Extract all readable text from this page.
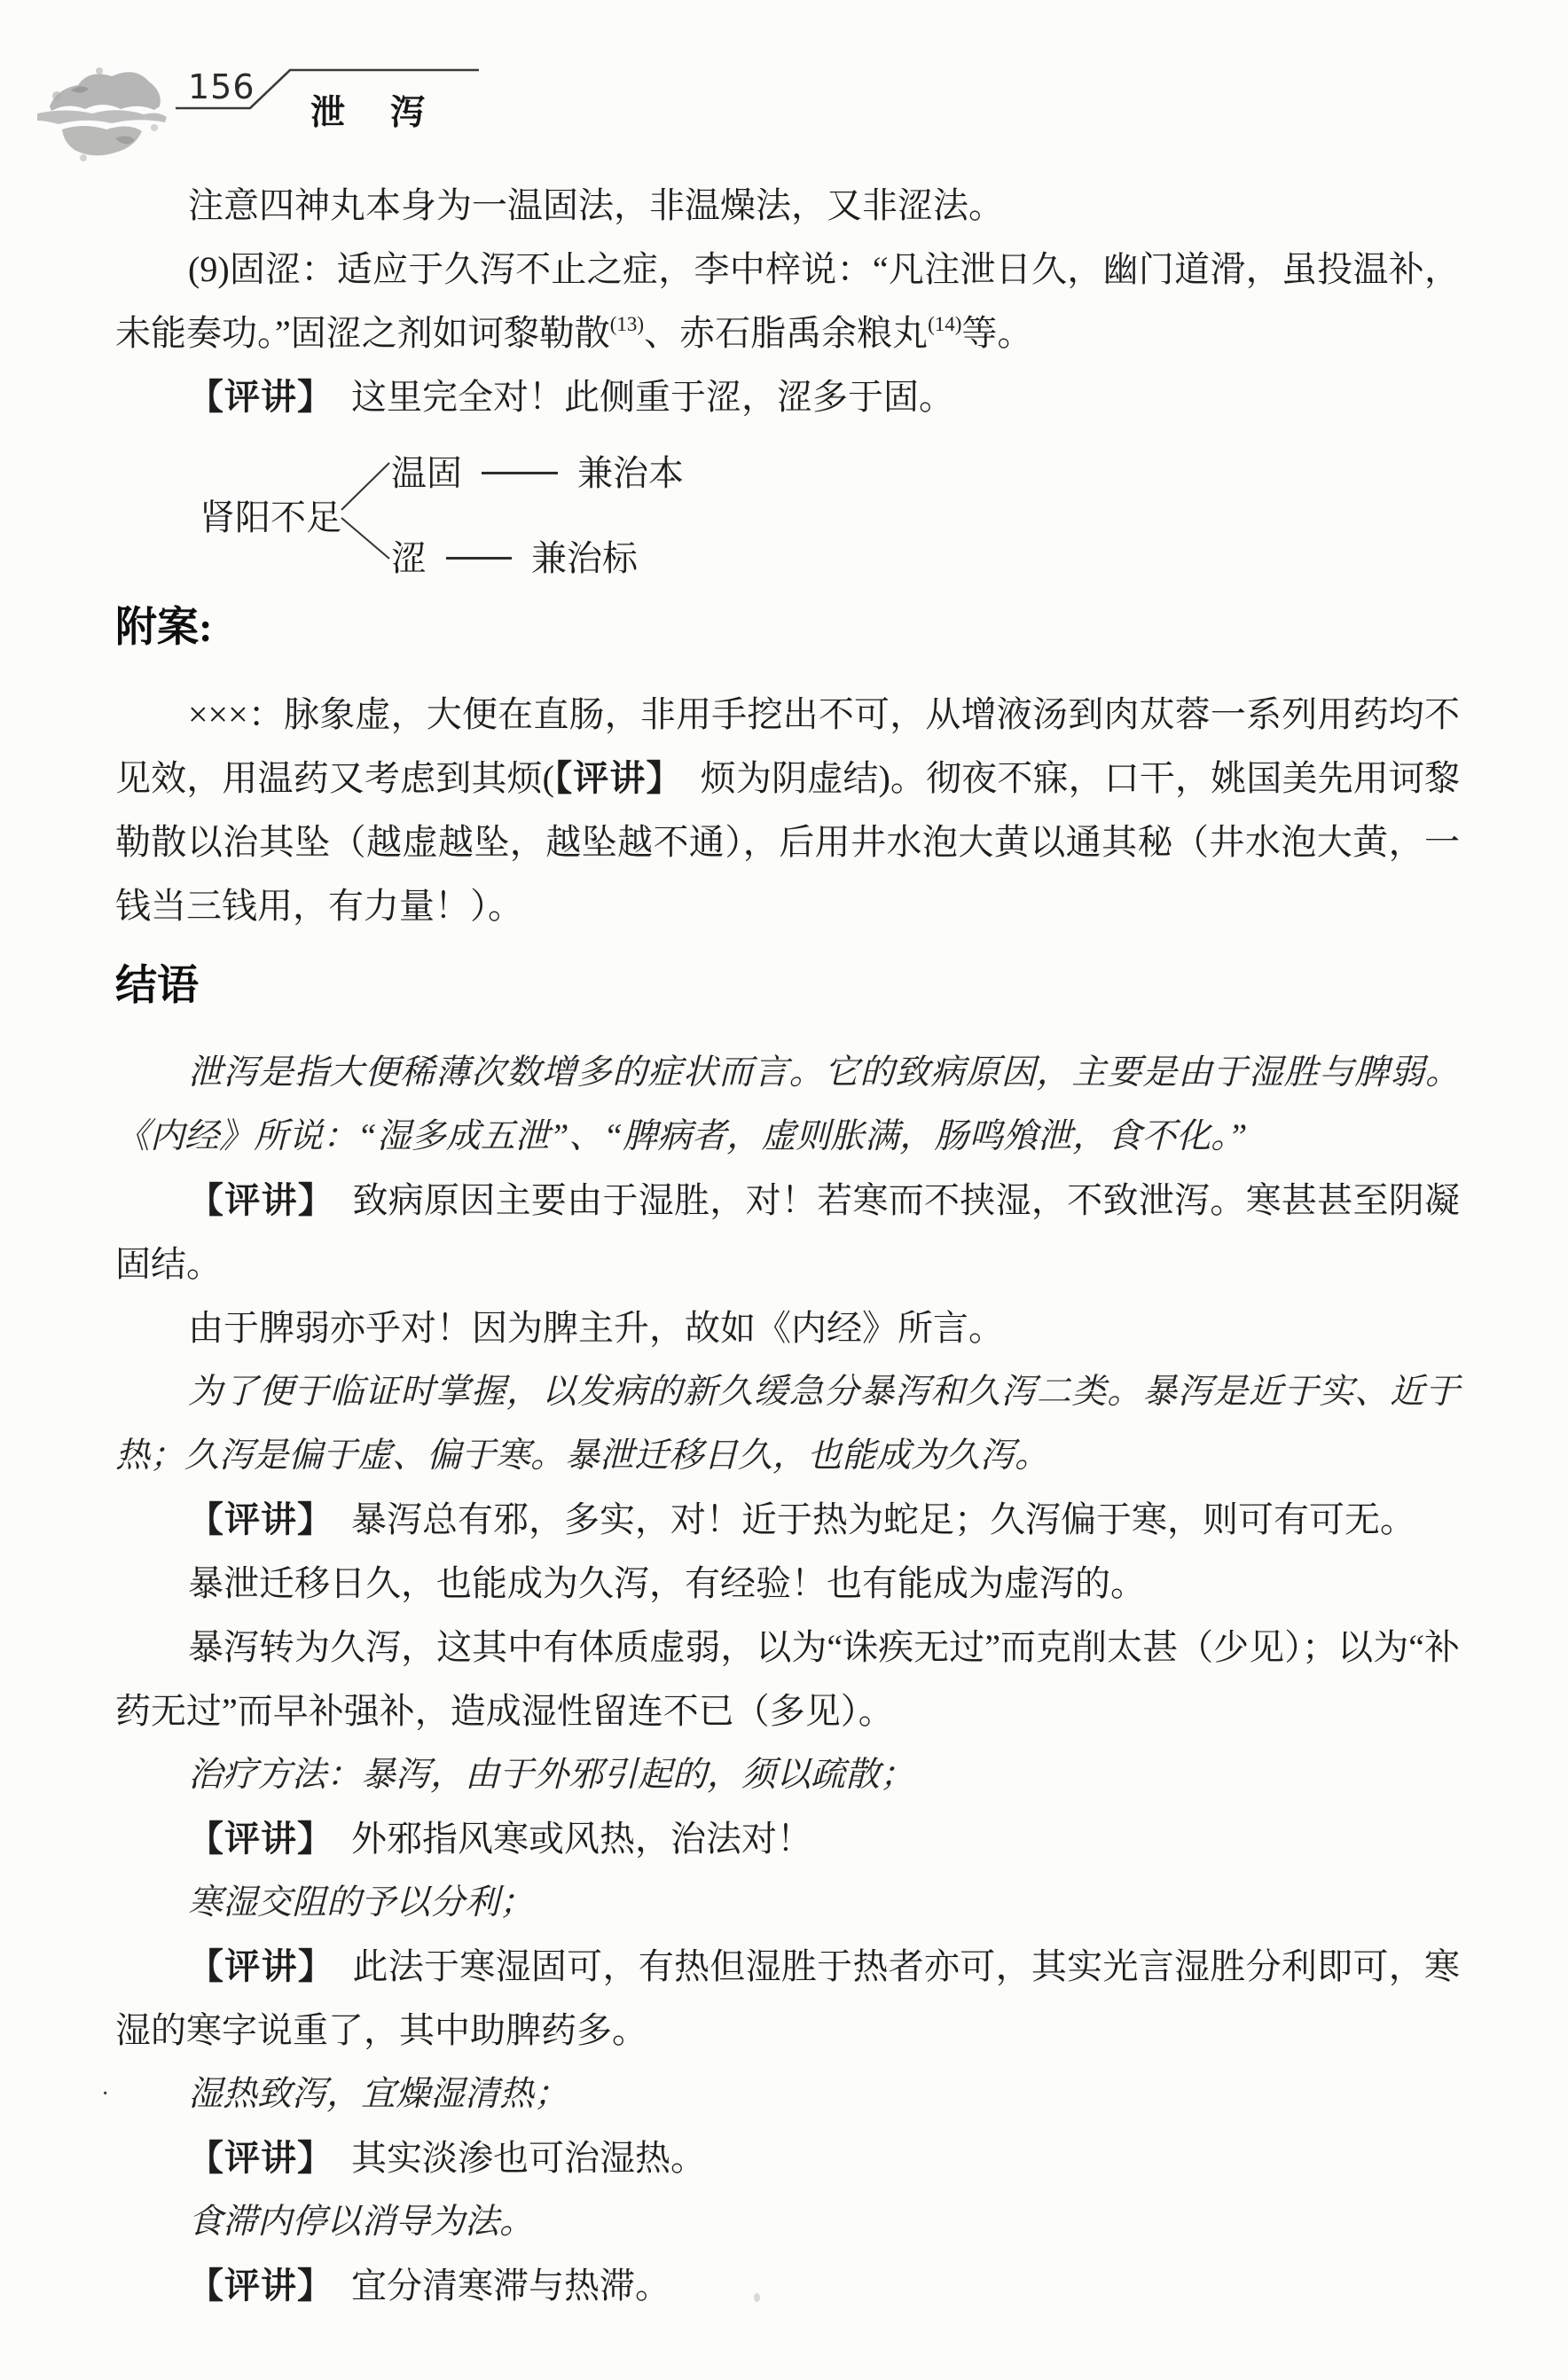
156
泄　泻

注意四神丸本身为一温固法，非温燥法，又非涩法。

(9)固涩：适应于久泻不止之症，李中梓说：“凡注泄日久，幽门道滑，虽投温补，未能奏功。”固涩之剂如诃黎勒散$^{(13)}$、赤石脂禹余粮丸$^{(14)}$等。

【评讲】　这里完全对！此侧重于涩，涩多于固。

肾阳不足
温固	兼治本
涩	兼治标
附案:

×××：脉象虚，大便在直肠，非用手挖出不可，从增液汤到肉苁蓉一系列用药均不见效，用温药又考虑到其烦(【评讲】　烦为阴虚结)。彻夜不寐，口干，姚国美先用诃黎勒散以治其坠（越虚越坠，越坠越不通），后用井水泡大黄以通其秘（井水泡大黄，一钱当三钱用，有力量！）。

结语

泄泻是指大便稀薄次数增多的症状而言。它的致病原因，主要是由于湿胜与脾弱。《内经》所说：“湿多成五泄”、“脾病者，虚则胀满，肠鸣飧泄，食不化。”

【评讲】　致病原因主要由于湿胜，对！若寒而不挟湿，不致泄泻。寒甚甚至阴凝固结。

由于脾弱亦乎对！因为脾主升，故如《内经》所言。

为了便于临证时掌握，以发病的新久缓急分暴泻和久泻二类。暴泻是近于实、近于热；久泻是偏于虚、偏于寒。暴泄迁移日久，也能成为久泻。

【评讲】　暴泻总有邪，多实，对！近于热为蛇足；久泻偏于寒，则可有可无。

暴泄迁移日久，也能成为久泻，有经验！也有能成为虚泻的。

暴泻转为久泻，这其中有体质虚弱，以为“诛疾无过”而克削太甚（少见）；以为“补药无过”而早补强补，造成湿性留连不已（多见）。

治疗方法：暴泻，由于外邪引起的，须以疏散；

【评讲】　外邪指风寒或风热，治法对！

寒湿交阻的予以分利；

【评讲】　此法于寒湿固可，有热但湿胜于热者亦可，其实光言湿胜分利即可，寒湿的寒字说重了，其中助脾药多。

· 湿热致泻，宜燥湿清热；

【评讲】　其实淡渗也可治湿热。

食滞内停以消导为法。

【评讲】　宜分清寒滞与热滞。
